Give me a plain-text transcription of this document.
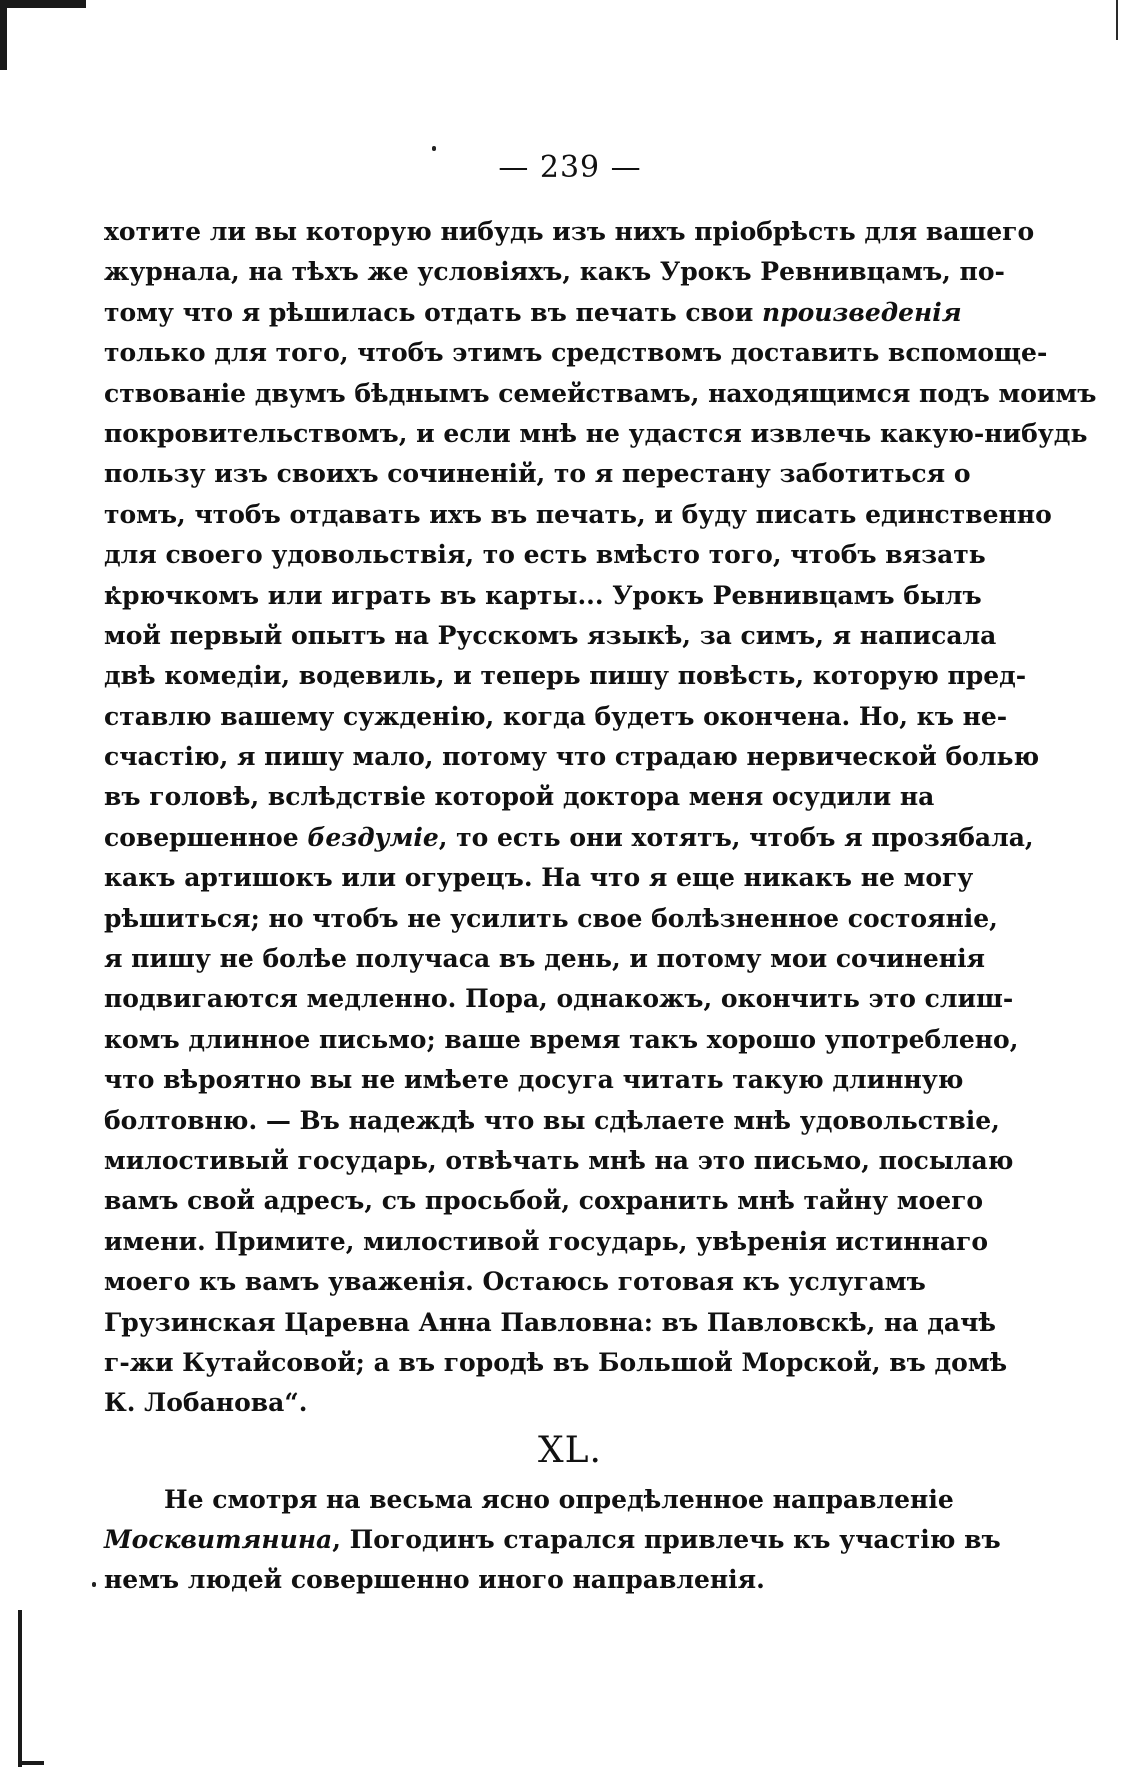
— 239 —
хотите ли вы которую нибудь изъ нихъ пріобрѣсть для вашего
журнала, на тѣхъ же условіяхъ, какъ Урокъ Ревнивцамъ, по-
тому что я рѣшилась отдать въ печать свои произведенія
только для того, чтобъ этимъ средствомъ доставить вспомоще-
ствованіе двумъ бѣднымъ семействамъ, находящимся подъ моимъ
покровительствомъ, и если мнѣ не удастся извлечь какую-нибудь
пользу изъ своихъ сочиненій, то я перестану заботиться о
томъ, чтобъ отдавать ихъ въ печать, и буду писать единственно
для своего удовольствія, то есть вмѣсто того, чтобъ вязать
крючкомъ или играть въ карты... Урокъ Ревнивцамъ былъ
мой первый опытъ на Русскомъ языкѣ, за симъ, я написала
двѣ комедіи, водевиль, и теперь пишу повѣсть, которую пред-
ставлю вашему сужденію, когда будетъ окончена. Но, къ не-
счастію, я пишу мало, потому что страдаю нервической болью
въ головѣ, вслѣдствіе которой доктора меня осудили на
совершенное бездуміе, то есть они хотятъ, чтобъ я прозябала,
какъ артишокъ или огурецъ. На что я еще никакъ не могу
рѣшиться; но чтобъ не усилить свое болѣзненное состояніе,
я пишу не болѣе получаса въ день, и потому мои сочиненія
подвигаются медленно. Пора, однакожъ, окончить это слиш-
комъ длинное письмо; ваше время такъ хорошо употреблено,
что вѣроятно вы не имѣете досуга читать такую длинную
болтовню. — Въ надеждѣ что вы сдѣлаете мнѣ удовольствіе,
милостивый государь, отвѣчать мнѣ на это письмо, посылаю
вамъ свой адресъ, съ просьбой, сохранить мнѣ тайну моего
имени. Примите, милостивой государь, увѣренія истиннаго
моего къ вамъ уваженія. Остаюсь готовая къ услугамъ
Грузинская Царевна Анна Павловна: въ Павловскѣ, на дачѣ
г-жи Кутайсовой; а въ городѣ въ Большой Морской, въ домѣ
К. Лобанова“.
XL.
Не смотря на весьма ясно опредѣленное направленіе
Москвитянина, Погодинъ старался привлечь къ участію въ
немъ людей совершенно иного направленія.
